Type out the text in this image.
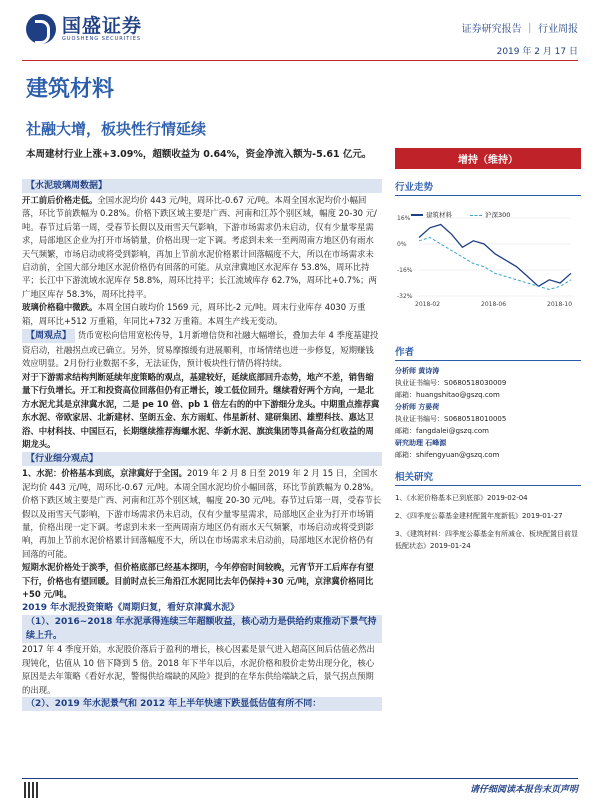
国盛证券
GUOSHENG SECURITIES
证券研究报告 ｜ 行业周报
2019 年 2 月 17 日
建筑材料
社融大增，板块性行情延续
本周建材行业上涨+3.09%，超额收益为 0.64%，资金净流入额为-5.61 亿元。
【水泥玻璃周数据】

开工前后价格走低。全国水泥均价 443 元/吨，周环比-0.67 元/吨。本周全国水泥均价小幅回落，环比节前跌幅为 0.28%。价格下跌区域主要是广西、河南和江苏个别区域，幅度 20-30 元/吨。春节过后第一周，受春节长假以及雨雪天气影响，下游市场需求仍未启动，仅有少量零星需求，局部地区企业为打开市场销量，价格出现一定下调。考虑到未来一至两周南方地区仍有雨水天气频繁，市场启动或将受到影响，再加上节前水泥价格累计回落幅度不大，所以在市场需求未启动前，全国大部分地区水泥价格仍有回落的可能。从京津冀地区水泥库存 53.8%，周环比持平；长江中下游流域水泥库存 58.8%，周环比持平；长江流域库存 62.7%，周环比+0.7%；两广地区库存 58.3%，周环比持平。

玻璃价格稳中微跌。本周全国白玻均价 1569 元，周环比-2 元/吨。周末行业库存 4030 万重箱，周环比+512 万重箱，年同比+732 万重箱。本周生产线无变动。

【周观点】 货币宽松向信用宽松传导，1月新增信贷和社融大幅增长，叠加去年 4 季度基建投资启动，社融拐点或已确立。另外，贸易摩擦缓有进展顺利，市场情绪也进一步修复，短期赚钱效应明显。2月份行业数据不多，无法证伪，预计板块性行情仍将持续。

对于下游需求结构判断延续年度策略的观点，基建较好，延续底部回升态势，地产不差，销售缩量下行负增长。开工和投资高位回落但仍有正增长，竣工低位回升。继续看好两个方向，一是北方水泥尤其是京津冀水泥，二是 pe 10 倍、pb 1 倍左右的的中下游细分龙头。中期重点推荐冀东水泥、帝欧家居、北新建材、坚朗五金、东方雨虹、伟星新材、建研集团、雄塑科技、惠达卫浴、中材科技、中国巨石，长期继续推荐海螺水泥、华新水泥、旗滨集团等具备高分红收益的周期龙头。

【行业细分观点】

1、水泥：价格基本到底，京津冀好于全国。2019 年 2 月 8 日至 2019 年 2 月 15 日，全国水泥均价 443 元/吨，周环比-0.67 元/吨。本周全国水泥均价小幅回落，环比节前跌幅为 0.28%。价格下跌区域主要是广西、河南和江苏个别区域，幅度 20-30 元/吨。春节过后第一周，受春节长假以及雨雪天气影响，下游市场需求仍未启动，仅有少量零星需求，局部地区企业为打开市场销量，价格出现一定下调。考虑到未来一至两周南方地区仍有雨水天气频繁，市场启动或将受到影响，再加上节前水泥价格累计回落幅度不大，所以在市场需求未启动前，局部地区水泥价格仍有回落的可能。

短期水泥价格处于淡季，但价格底部已经基本探明，今年停窑时间较晚，元宵节开工后库存有望下行，价格也有望回暖。目前时点长三角沿江水泥同比去年仍保持+30 元/吨，京津冀价格同比+50 元/吨。

2019 年水泥投资策略《周期归复，看好京津冀水泥》
（1）、2016~2018 年水泥承得连续三年超额收益，核心动力是供给约束推动下景气持续上升。

2017 年 4 季度开始，水泥股价落后于盈利的增长，核心因素是景气进入超高区间后估值必然出现钝化，估值从 10 倍下降到 5 倍。2018 年下半年以后，水泥价格和股价走势出现分化，核心原因是去年策略《看好水泥，警惕供给端缺的风险》提到的在华东供给端缺之后，景气拐点预期的出现。

（2）、2019 年水泥景气和 2012 年上半年快速下跌显低估值有所不同：
增持（维持）
行业走势
建筑材料	沪深300
16%
0%
-16%
-32%
2018-02	2018-06	2018-10
作者
分析师 黄诗涛
执业证书编号：S0680518030009
邮箱：huangshitao@gszq.com
分析师 方晏荷
执业证书编号：S0680518010005
邮箱：fangdalei@gszq.com
研究助理 石峰源
邮箱：shifengyuan@gszq.com
相关研究
1、《水泥价格基本已到底部》2019-02-04
2、《四季度公募基金建材配置年度新低》2019-01-27
3、《建筑材料：四季度公募基金有所减仓、板块配置目前显低配状态》2019-01-24
请仔细阅读本报告末页声明
